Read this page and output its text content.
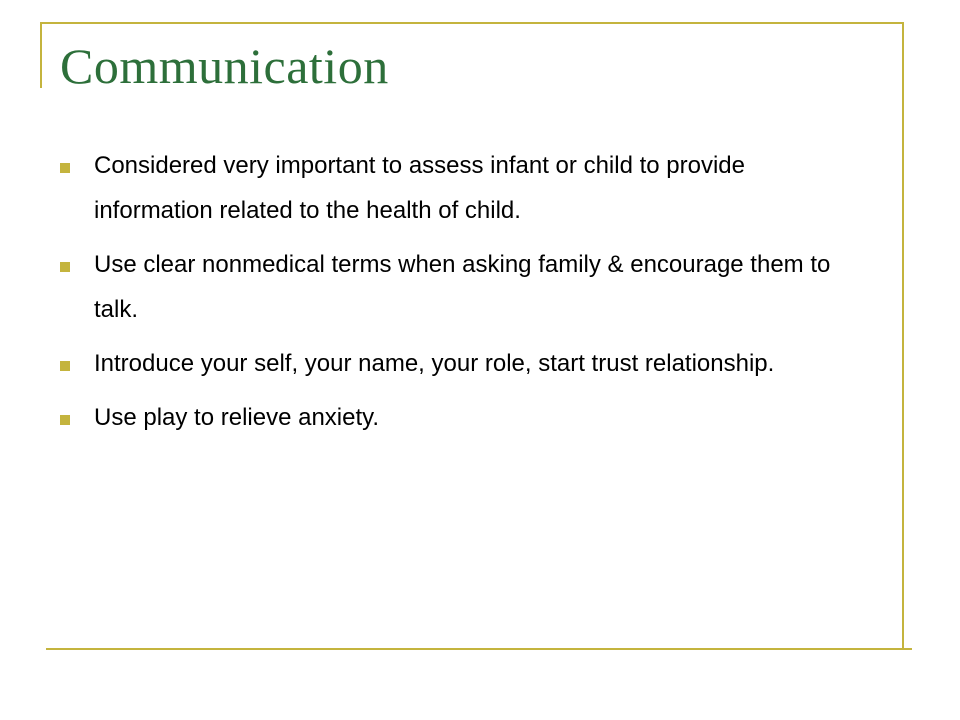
Communication
Considered very important to assess infant or child to provide information related to the health of child.
Use clear nonmedical terms when asking family & encourage them to talk.
Introduce your self, your name, your role, start trust relationship.
Use play to relieve anxiety.
